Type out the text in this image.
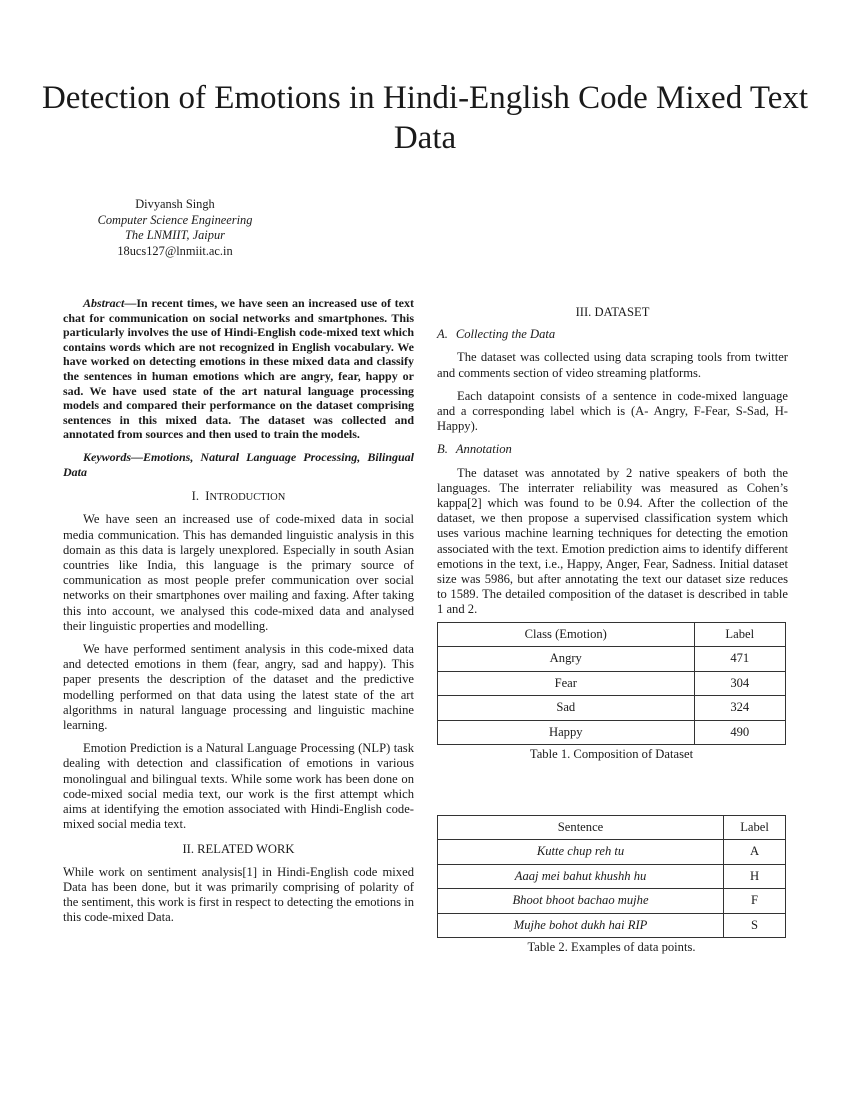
Detection of Emotions in Hindi-English Code Mixed Text Data
Divyansh Singh
Computer Science Engineering
The LNMIIT, Jaipur
18ucs127@lnmiit.ac.in

Abstract—In recent times, we have seen an increased use of text chat for communication on social networks and smartphones. This particularly involves the use of Hindi-English code-mixed text which contains words which are not recognized in English vocabulary. We have worked on detecting emotions in these mixed data and classify the sentences in human emotions which are angry, fear, happy or sad. We have used state of the art natural language processing models and compared their performance on the dataset comprising sentences in this mixed data. The dataset was collected and annotated from sources and then used to train the models.

Keywords—Emotions, Natural Language Processing, Bilingual Data

I. INTRODUCTION

We have seen an increased use of code-mixed data in social media communication. This has demanded linguistic analysis in this domain as this data is largely unexplored. Especially in south Asian countries like India, this language is the primary source of communication as most people prefer communication over social networks on their smartphones over mailing and faxing. After taking this into account, we analysed this code-mixed data and analysed their linguistic properties and modelling.

We have performed sentiment analysis in this code-mixed data and detected emotions in them (fear, angry, sad and happy). This paper presents the description of the dataset and the predictive modelling performed on that data using the latest state of the art algorithms in natural language processing and linguistic machine learning.

Emotion Prediction is a Natural Language Processing (NLP) task dealing with detection and classification of emotions in various monolingual and bilingual texts. While some work has been done on code-mixed social media text, our work is the first attempt which aims at identifying the emotion associated with Hindi-English code-mixed social media text.

II. RELATED WORK

While work on sentiment analysis[1] in Hindi-English code mixed Data has been done, but it was primarily comprising of polarity of the sentiment, this work is first in respect to detecting the emotions in this code-mixed Data.

III. DATASET

A. Collecting the Data

The dataset was collected using data scraping tools from twitter and comments section of video streaming platforms.

Each datapoint consists of a sentence in code-mixed language and a corresponding label which is (A- Angry, F-Fear, S-Sad, H-Happy).

B. Annotation

The dataset was annotated by 2 native speakers of both the languages. The interrater reliability was measured as Cohen’s kappa[2] which was found to be 0.94. After the collection of the dataset, we then propose a supervised classification system which uses various machine learning techniques for detecting the emotion associated with the text. Emotion prediction aims to identify different emotions in the text, i.e., Happy, Anger, Fear, Sadness. Initial dataset size was 5986, but after annotating the text our dataset size reduces to 1589. The detailed composition of the dataset is described in table 1 and 2.

Class (Emotion)	Label
Angry	471
Fear	304
Sad	324
Happy	490
Table 1. Composition of Dataset
Sentence	Label
Kutte chup reh tu	A
Aaaj mei bahut khushh hu	H
Bhoot bhoot bachao mujhe	F
Mujhe bohot dukh hai RIP	S
Table 2. Examples of data points.
